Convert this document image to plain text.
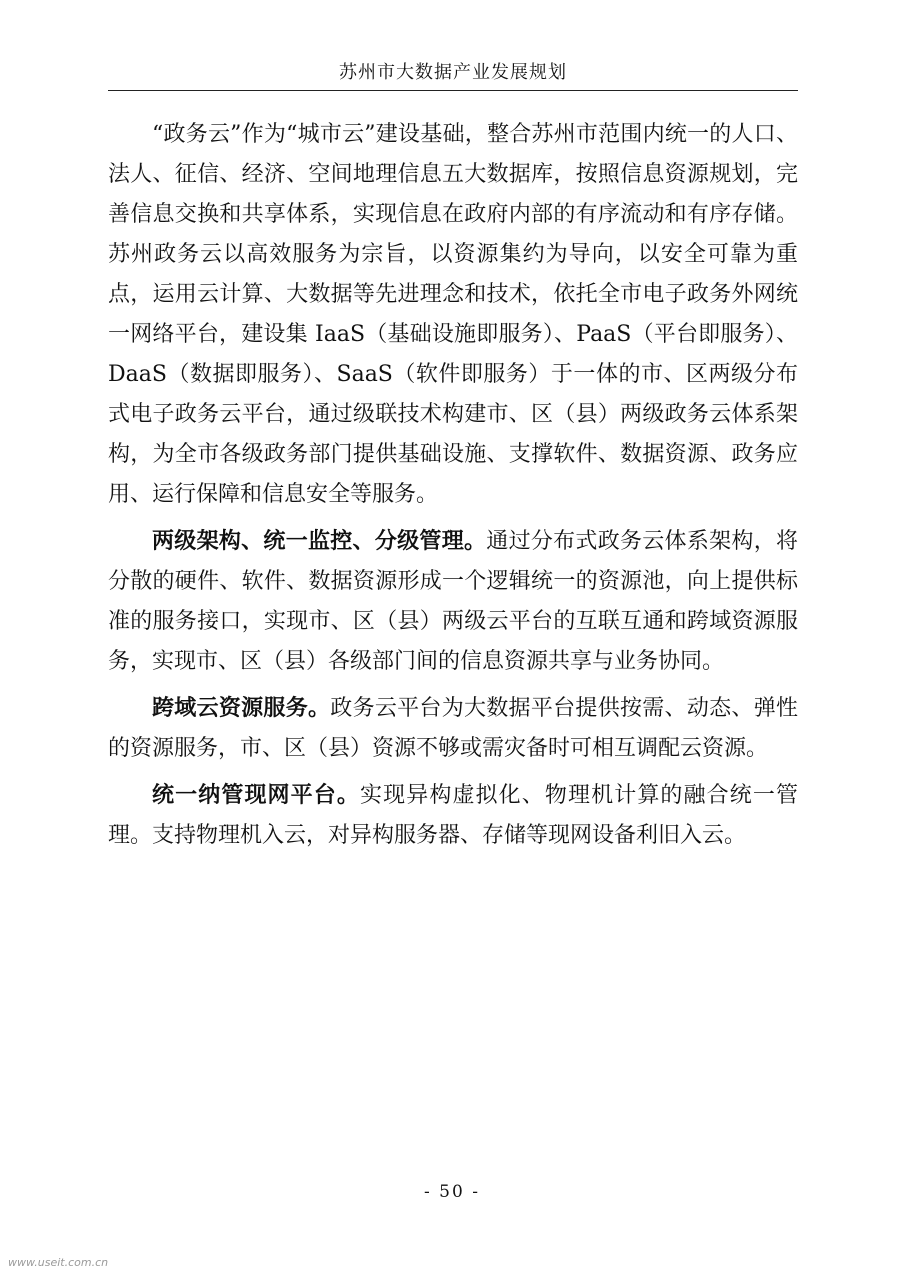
苏州市大数据产业发展规划

“政务云”作为“城市云”建设基础，整合苏州市范围内统一的人口、法人、征信、经济、空间地理信息五大数据库，按照信息资源规划，完善信息交换和共享体系，实现信息在政府内部的有序流动和有序存储。苏州政务云以高效服务为宗旨，以资源集约为导向，以安全可靠为重点，运用云计算、大数据等先进理念和技术，依托全市电子政务外网统一网络平台，建设集 IaaS（基础设施即服务）、PaaS（平台即服务）、DaaS（数据即服务）、SaaS（软件即服务）于一体的市、区两级分布式电子政务云平台，通过级联技术构建市、区（县）两级政务云体系架构，为全市各级政务部门提供基础设施、支撑软件、数据资源、政务应用、运行保障和信息安全等服务。

两级架构、统一监控、分级管理。通过分布式政务云体系架构，将分散的硬件、软件、数据资源形成一个逻辑统一的资源池，向上提供标准的服务接口，实现市、区（县）两级云平台的互联互通和跨域资源服务，实现市、区（县）各级部门间的信息资源共享与业务协同。

跨域云资源服务。政务云平台为大数据平台提供按需、动态、弹性的资源服务，市、区（县）资源不够或需灾备时可相互调配云资源。

统一纳管现网平台。实现异构虚拟化、物理机计算的融合统一管理。支持物理机入云，对异构服务器、存储等现网设备利旧入云。

- 50 -
www.useit.com.cn
